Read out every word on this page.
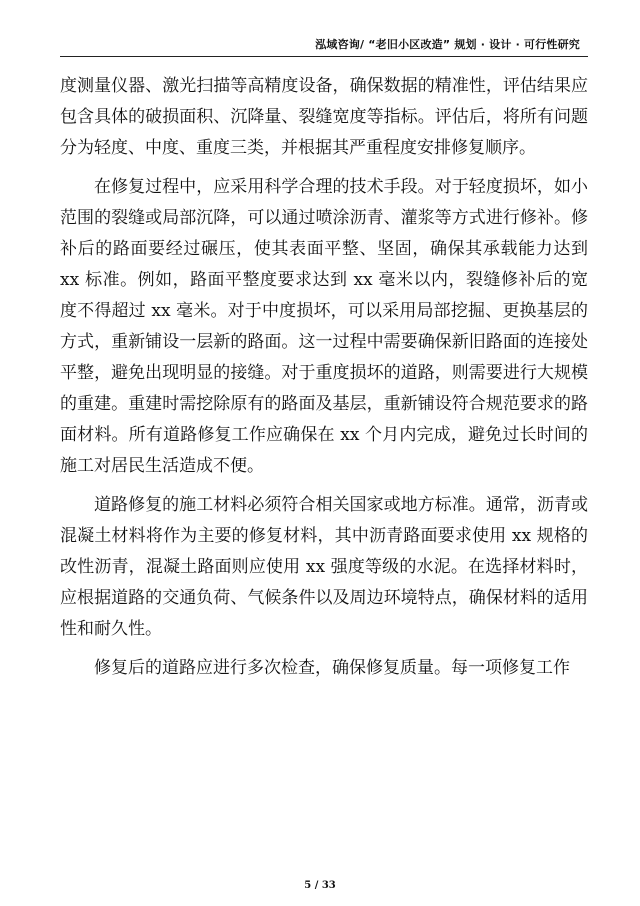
泓域咨询/ “老旧小区改造” 规划 · 设计 · 可行性研究

度测量仪器、激光扫描等高精度设备，确保数据的精准性，评估结果应包含具体的破损面积、沉降量、裂缝宽度等指标。评估后，将所有问题分为轻度、中度、重度三类，并根据其严重程度安排修复顺序。

在修复过程中，应采用科学合理的技术手段。对于轻度损坏，如小范围的裂缝或局部沉降，可以通过喷涂沥青、灌浆等方式进行修补。修补后的路面要经过碾压，使其表面平整、坚固，确保其承载能力达到 xx 标准。例如，路面平整度要求达到 xx 毫米以内，裂缝修补后的宽度不得超过 xx 毫米。对于中度损坏，可以采用局部挖掘、更换基层的方式，重新铺设一层新的路面。这一过程中需要确保新旧路面的连接处平整，避免出现明显的接缝。对于重度损坏的道路，则需要进行大规模的重建。重建时需挖除原有的路面及基层，重新铺设符合规范要求的路面材料。所有道路修复工作应确保在 xx 个月内完成，避免过长时间的施工对居民生活造成不便。

道路修复的施工材料必须符合相关国家或地方标准。通常，沥青或混凝土材料将作为主要的修复材料，其中沥青路面要求使用 xx 规格的改性沥青，混凝土路面则应使用 xx 强度等级的水泥。在选择材料时，应根据道路的交通负荷、气候条件以及周边环境特点，确保材料的适用性和耐久性。

修复后的道路应进行多次检查，确保修复质量。每一项修复工作

5 / 33
